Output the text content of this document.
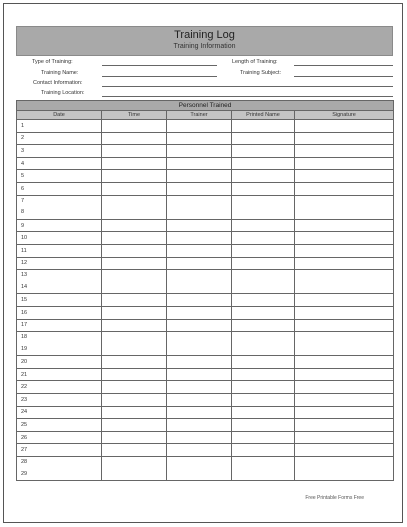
Training Log
Training Information
Type of Training:
Training Name:
Contact Information:
Training Location:
Length of Training:
Training Subject:
Personnel Trained				
Date	Time	Trainer	Printed Name	Signature

1				

2				

3				

4				

5				

6				

7
8				

9				

10				

11				

12				

13
14				

15				

16				

17				

18
19				

20				

21				

22				

23				

24				

25				

26				

27				

28
29				

Free Printable Forms Free
